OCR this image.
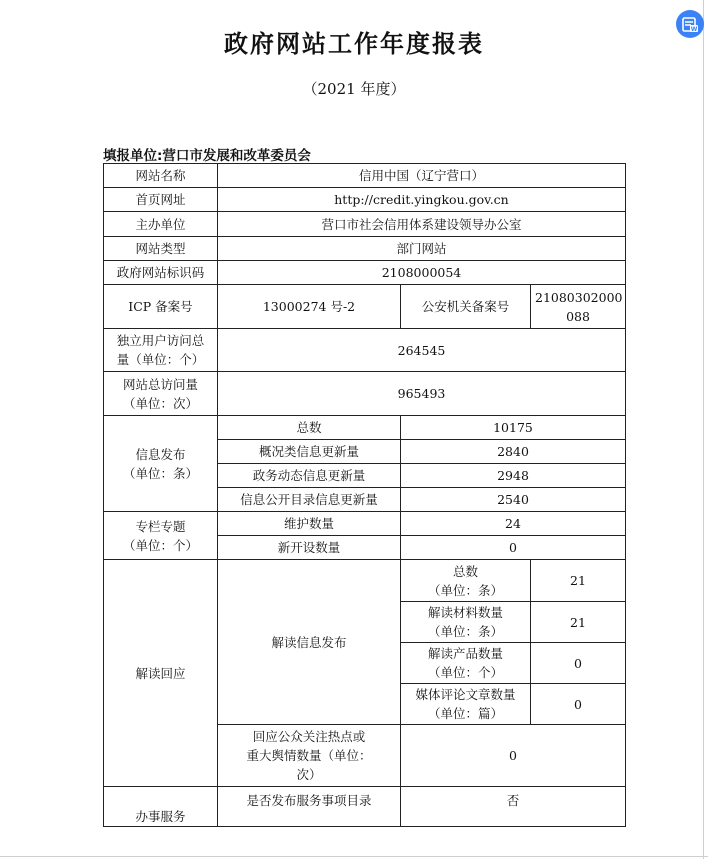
W
政府网站工作年度报表
（2021 年度）
填报单位:营口市发展和改革委员会
网站名称	信用中国（辽宁营口）		
首页网址	http://credit.yingkou.gov.cn		
主办单位	营口市社会信用体系建设领导办公室		
网站类型	部门网站		
政府网站标识码	2108000054		
ICP 备案号	13000274 号-2	公安机关备案号	21080302000
088

独立用户访问总
量（单位：个）	264545		

网站总访问量
（单位：次）	965493		

信息发布
（单位：条）	总数	10175	
	概况类信息更新量	2840	
	政务动态信息更新量	2948	
	信息公开目录信息更新量	2540	

专栏专题
（单位：个）	维护数量	24	
	新开设数量	0	
解读回应	解读信息发布	总数
（单位：条）	21

		解读材料数量
（单位：条）	21

		解读产品数量
（单位：个）	0

		媒体评论文章数量
（单位：篇）	0

	回应公众关注热点或
重大舆情数量（单位：
次）	0	
办事服务	是否发布服务事项目录	否	
